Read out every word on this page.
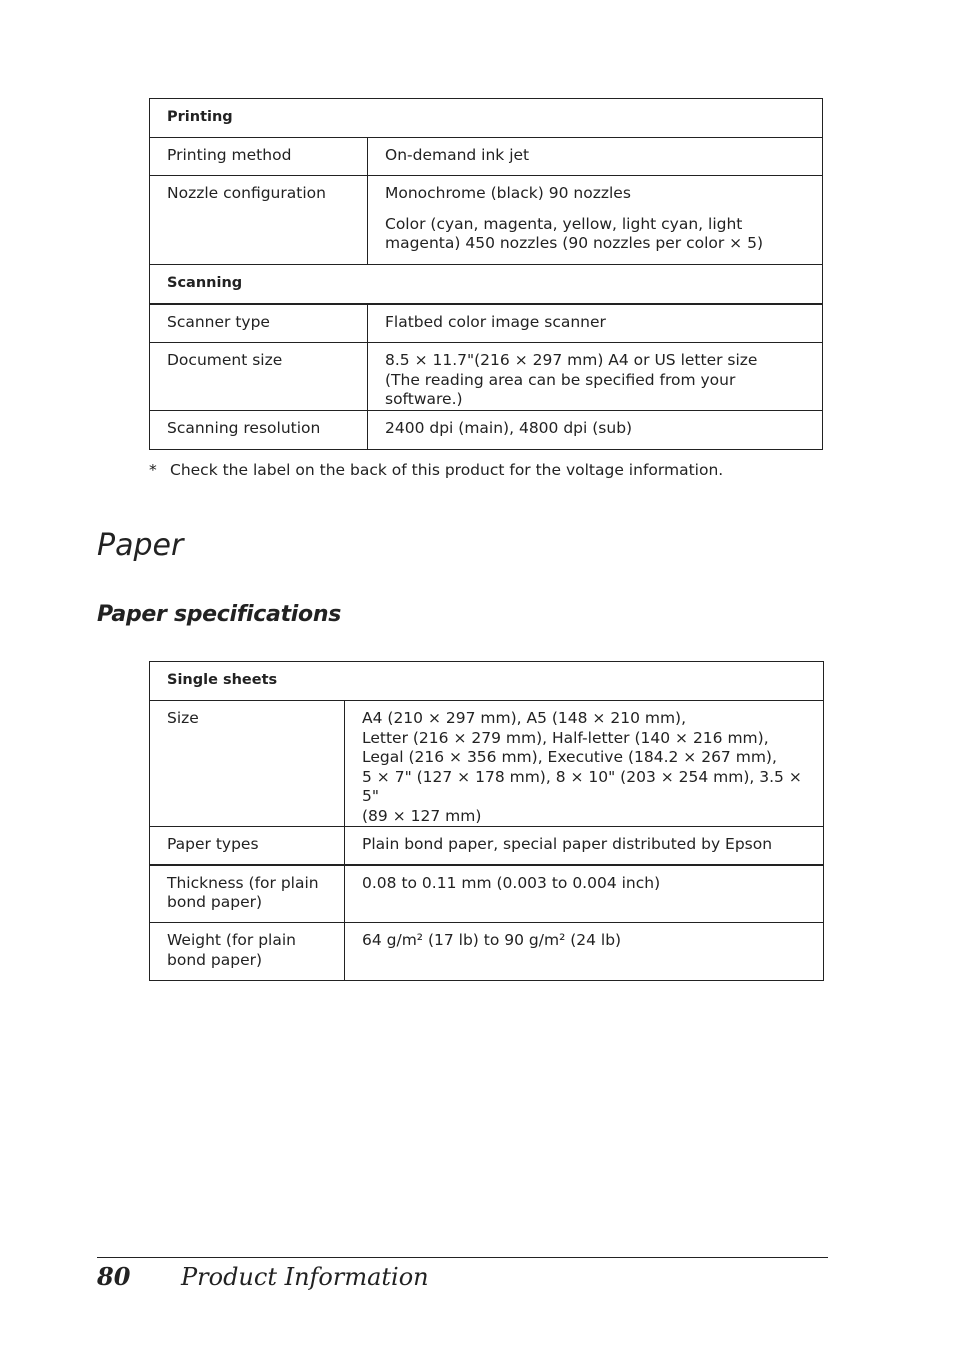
Printing	

Printing method	On-demand ink jet

Nozzle configuration	Monochrome (black) 90 nozzles

Color (cyan, magenta, yellow, light cyan, light magenta) 450 nozzles (90 nozzles per color × 5)

Scanning	

Scanner type	Flatbed color image scanner

Document size	8.5 × 11.7"(216 × 297 mm) A4 or US letter size
(The reading area can be specified from your software.)

Scanning resolution	2400 dpi (main), 4800 dpi (sub)
* Check the label on the back of this product for the voltage information.
Paper
Paper specifications
Single sheets	

Size	A4 (210 × 297 mm), A5 (148 × 210 mm),
Letter (216 × 279 mm), Half-letter (140 × 216 mm),
Legal (216 × 356 mm), Executive (184.2 × 267 mm),
5 × 7" (127 × 178 mm), 8 × 10" (203 × 254 mm), 3.5 × 5"
(89 × 127 mm)

Paper types	Plain bond paper, special paper distributed by Epson

Thickness (for plain
bond paper)	0.08 to 0.11 mm (0.003 to 0.004 inch)

Weight (for plain
bond paper)	64 g/m² (17 lb) to 90 g/m² (24 lb)
80 Product Information
